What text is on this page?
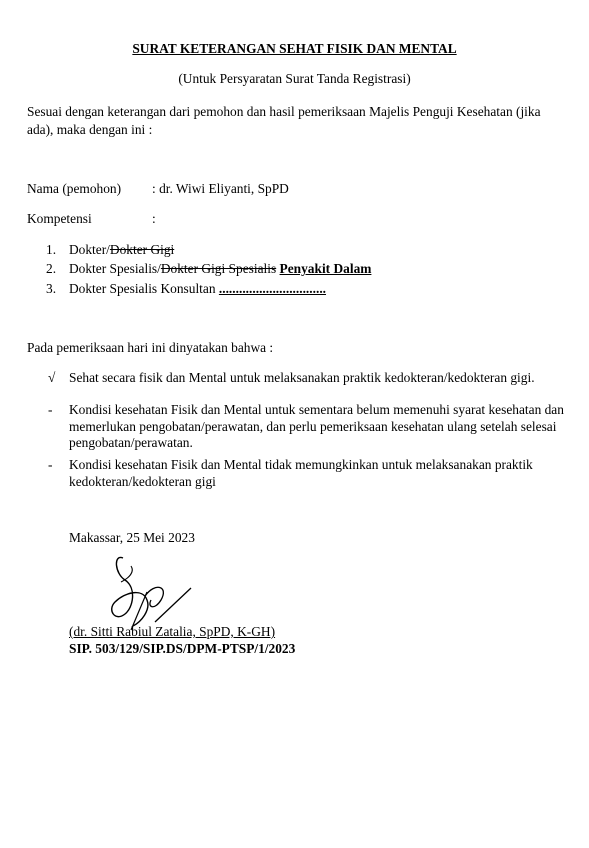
SURAT KETERANGAN SEHAT FISIK DAN MENTAL
(Untuk Persyaratan Surat Tanda Registrasi)
Sesuai dengan keterangan dari pemohon dan hasil pemeriksaan Majelis Penguji Kesehatan (jika ada), maka dengan ini :
Nama (pemohon) : dr. Wiwi Eliyanti, SpPD
Kompetensi	:
1. Dokter/Dokter Gigi
2. Dokter Spesialis/Dokter Gigi Spesialis Penyakit Dalam
3. Dokter Spesialis Konsultan ................................
Pada pemeriksaan hari ini dinyatakan bahwa :
√ Sehat secara fisik dan Mental untuk melaksanakan praktik kedokteran/kedokteran gigi.
- Kondisi kesehatan Fisik dan Mental untuk sementara belum memenuhi syarat kesehatan dan memerlukan pengobatan/perawatan, dan perlu pemeriksaan kesehatan ulang setelah selesai pengobatan/perawatan.
- Kondisi kesehatan Fisik dan Mental tidak memungkinkan untuk melaksanakan praktik kedokteran/kedokteran gigi
Makassar, 25 Mei 2023
(dr. Sitti Rabiul Zatalia, SpPD, K-GH)
SIP. 503/129/SIP.DS/DPM-PTSP/1/2023
